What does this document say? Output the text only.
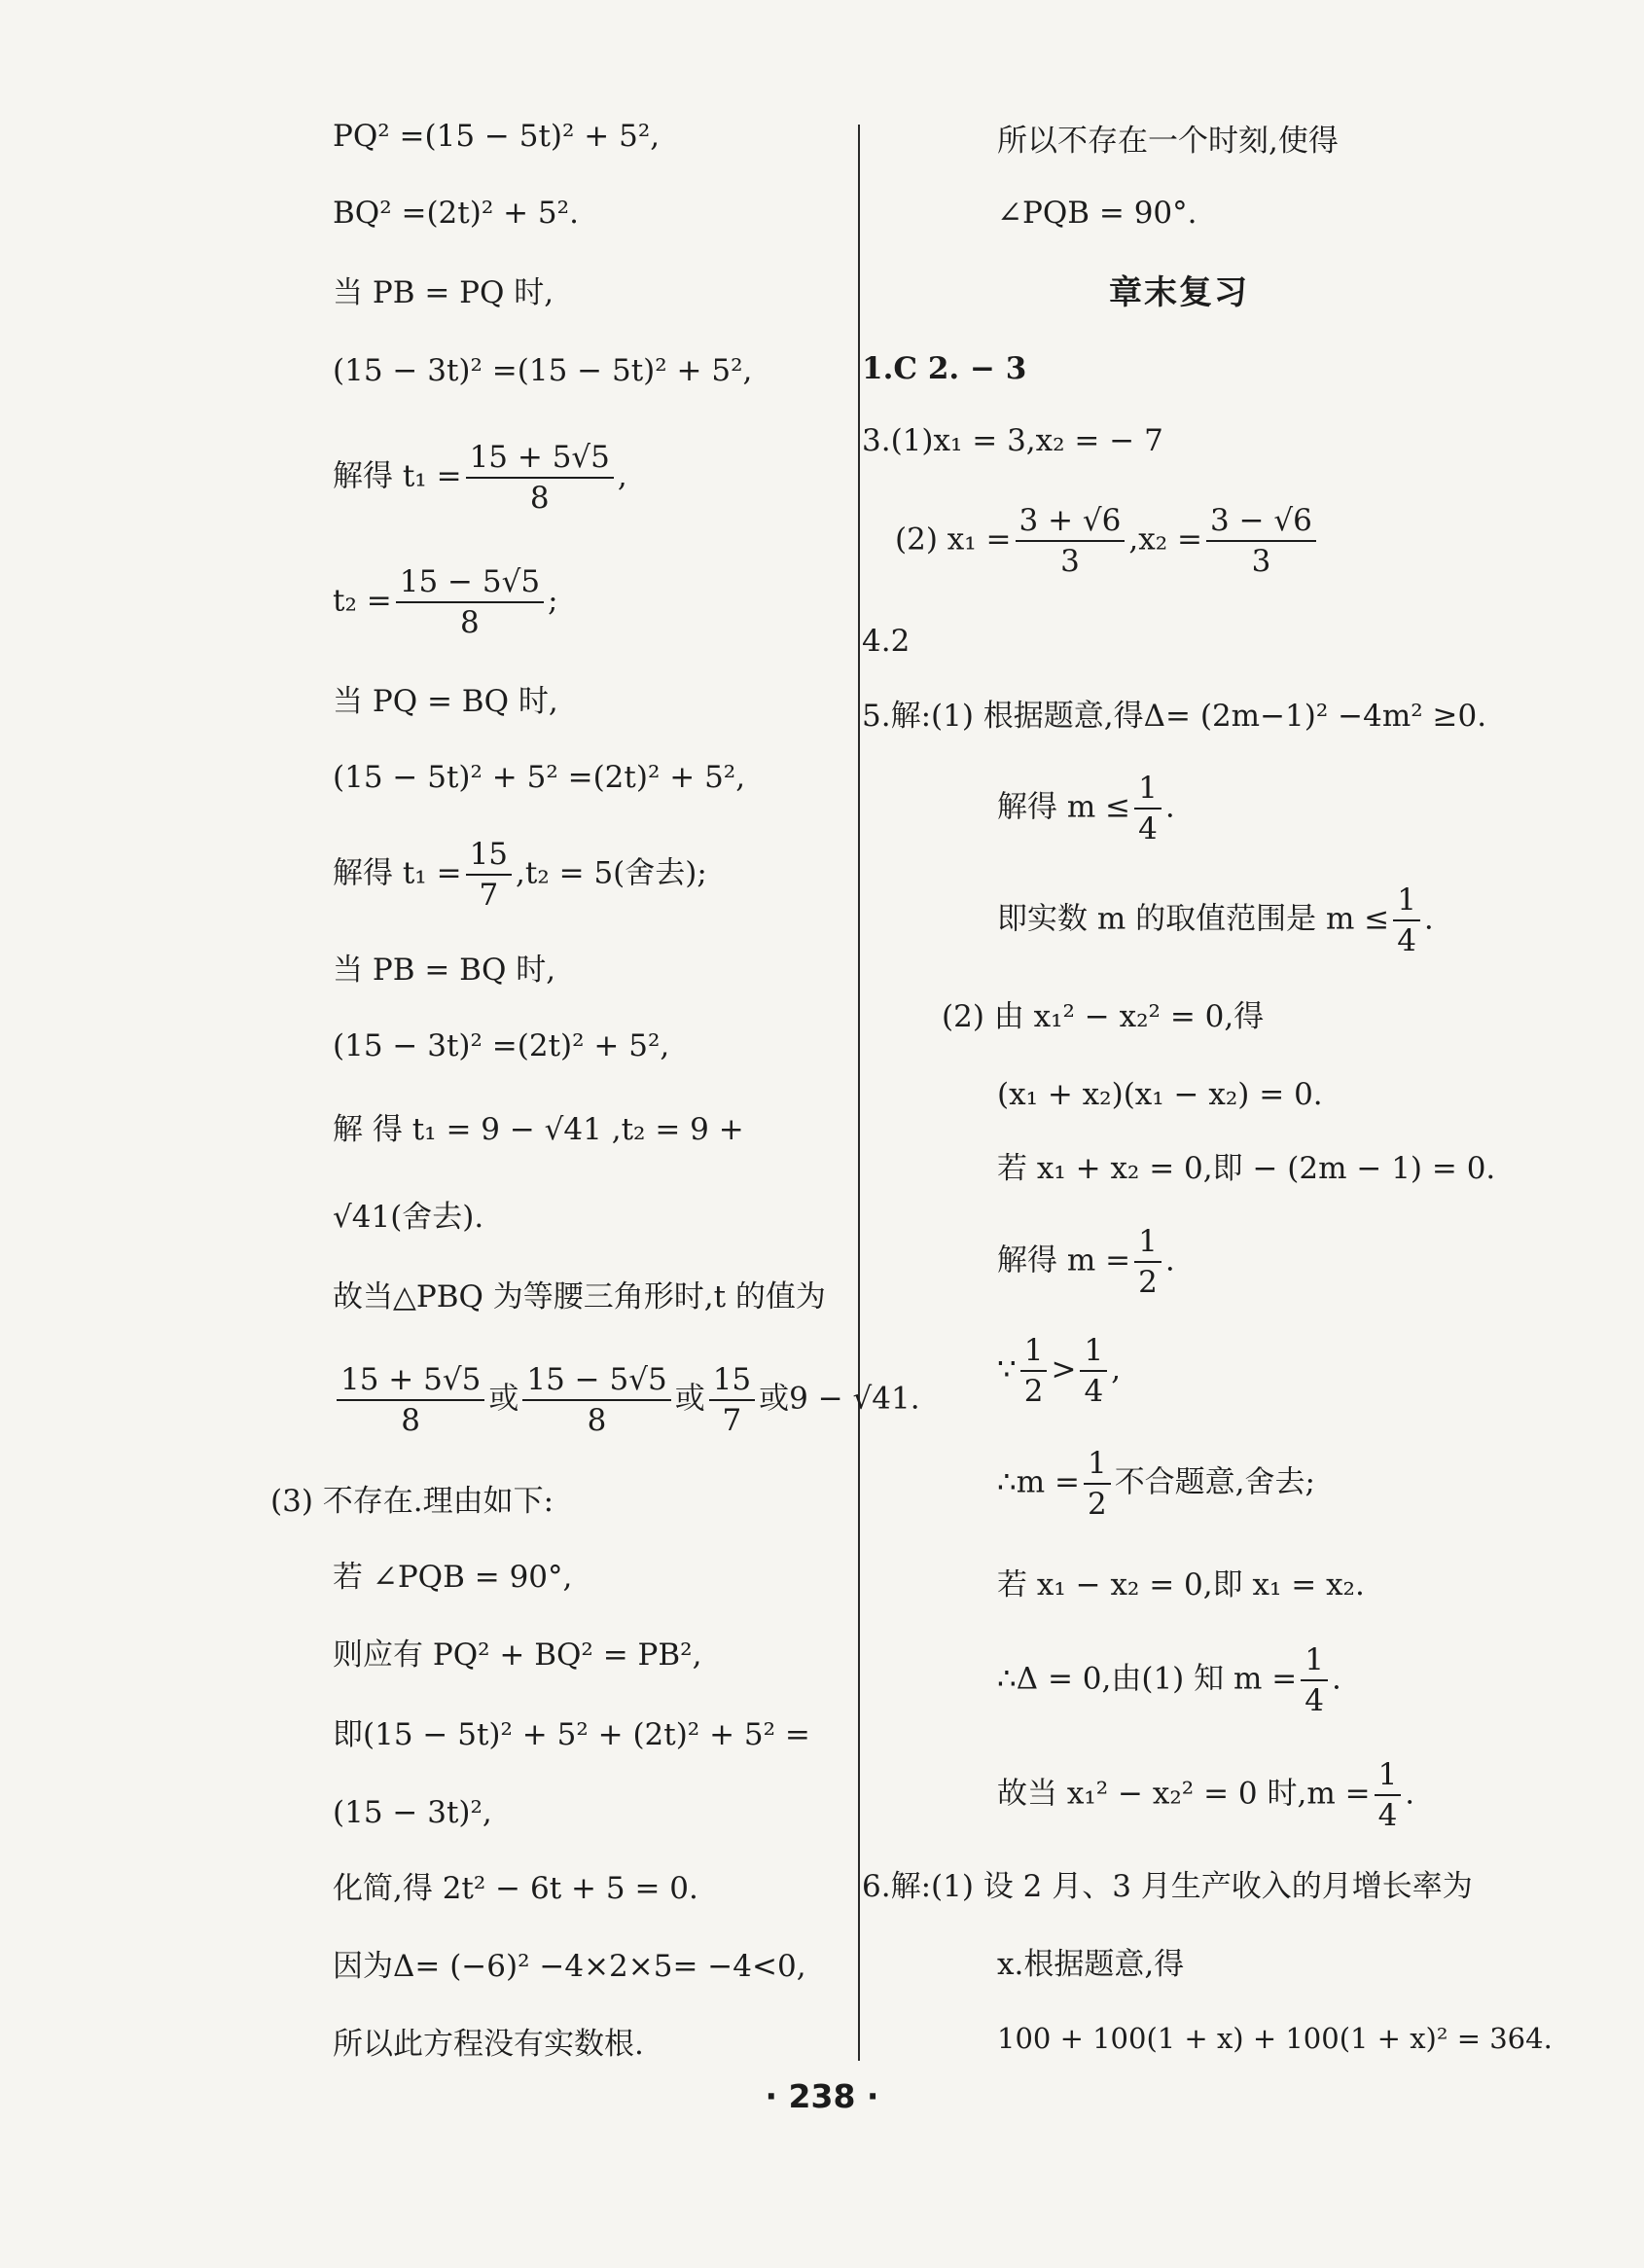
PQ² =(15 − 5t)² + 5²,
BQ² =(2t)² + 5².
当 PB = PQ 时,
(15 − 3t)² =(15 − 5t)² + 5²,
解得 $t_1 = \frac{15 + 5√5}{8}$ ,
$t_2 = \frac{15 - 5√5}{8}$ ;
当 PQ = BQ 时,
(15 − 5t)² + 5² =(2t)² + 5²,
解得 $t_1 = \frac{15}{7} ,t_2 = 5$(舍去);
当 PB = BQ 时,
(15 − 3t)² =(2t)² + 5²,
解 得 t₁ = 9 − √41 ,t₂ = 9 +
√41(舍去).
故当△PBQ 为等腰三角形时,t 的值为
$\frac{15 + 5√5}{8}$ 或 $\frac{15 - 5√5}{8}$ 或 $\frac{15}{7}$ 或9 − √41.
(3) 不存在.理由如下:
若 ∠PQB = 90°,
则应有 PQ² + BQ² = PB²,
即(15 − 5t)² + 5² + (2t)² + 5² =
(15 − 3t)²,
化简,得 2t² − 6t + 5 = 0.
因为Δ= (−6)² −4×2×5= −4<0,
所以此方程没有实数根.
所以不存在一个时刻,使得
∠PQB = 90°.
章末复习
1.C 2. − 3
3.(1)x₁ = 3,x₂ = − 7
(2) $x_1 = \frac{3 + √6}{3} ,x_2 = \frac{3 - √6}{3}$
4.2
5.解:(1) 根据题意,得Δ= (2m−1)² −4m² ≥0.
解得 $m \le \frac{1}{4}$ .
即实数 m 的取值范围是 $m \le \frac{1}{4}$ .
(2) 由 x₁² − x₂² = 0,得
(x₁ + x₂)(x₁ − x₂) = 0.
若 x₁ + x₂ = 0,即 − (2m − 1) = 0.
解得 $m = \frac{1}{2}$ .
∵ $\frac{1}{2} > \frac{1}{4}$ ,
∴m = $\frac{1}{2}$ 不合题意,舍去;
若 x₁ − x₂ = 0,即 x₁ = x₂.
∴Δ = 0,由(1) 知 $m = \frac{1}{4}$ .
故当 x₁² − x₂² = 0 时$,m = \frac{1}{4}$ .
6.解:(1) 设 2 月、3 月生产收入的月增长率为
x.根据题意,得
100 + 100(1 + x) + 100(1 + x)² = 364.
· 238 ·
